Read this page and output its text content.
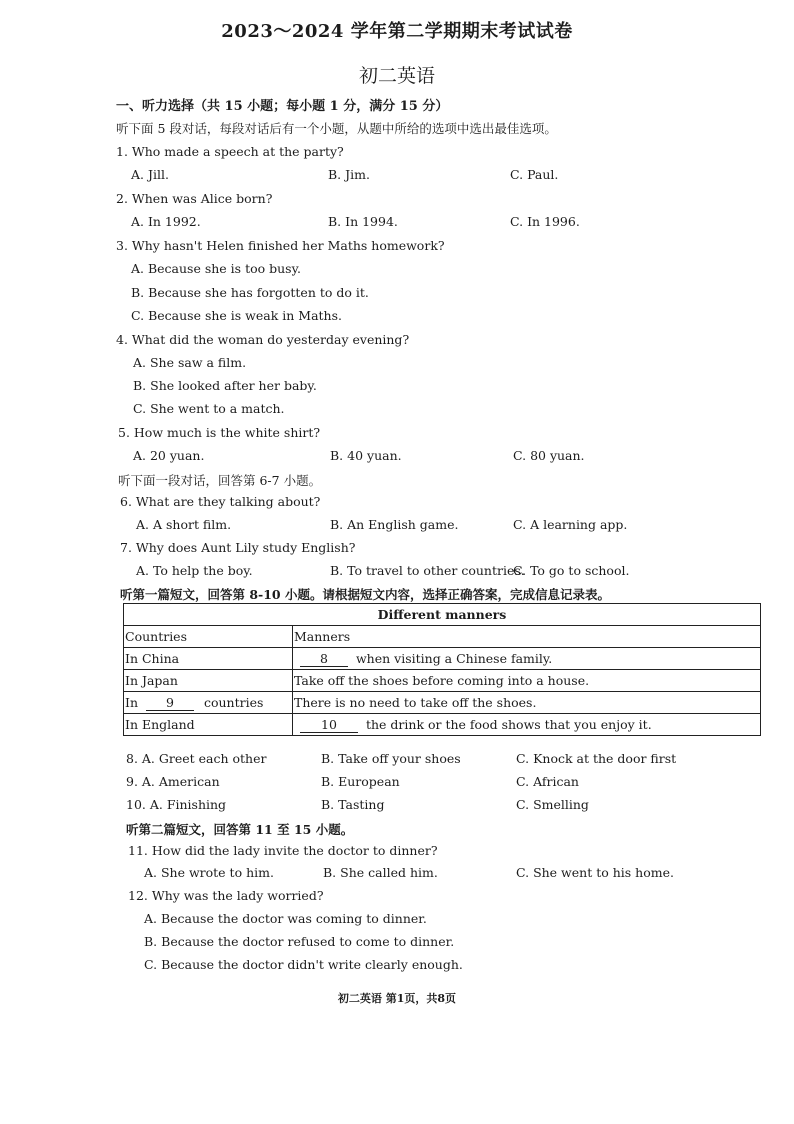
2023～2024 学年第二学期期末考试试卷
初二英语
一、听力选择（共 15 小题；每小题 1 分，满分 15 分）
听下面 5 段对话，每段对话后有一个小题，从题中所给的选项中选出最佳选项。
1. Who made a speech at the party?
A. Jill.	B. Jim.	C. Paul.
2. When was Alice born?
A. In 1992.	B. In 1994.	C. In 1996.
3. Why hasn't Helen finished her Maths homework?
A. Because she is too busy.
B. Because she has forgotten to do it.
C. Because she is weak in Maths.
4. What did the woman do yesterday evening?
A. She saw a film.
B. She looked after her baby.
C. She went to a match.
5. How much is the white shirt?
A. 20 yuan.	B. 40 yuan.	C. 80 yuan.
听下面一段对话，回答第 6-7 小题。
6. What are they talking about?
A. A short film.	B. An English game.	C. A learning app.
7. Why does Aunt Lily study English?
A. To help the boy.	B. To travel to other countries.
C. To go to school.
听第一篇短文，回答第 8-10 小题。请根据短文内容，选择正确答案，完成信息记录表。
Different manners	
Countries	Manners
In China	8 when visiting a Chinese family.
In Japan	Take off the shoes before coming into a house.
In 9 countries	There is no need to take off the shoes.
In England	10 the drink or the food shows that you enjoy it.
8. A. Greet each other	B. Take off your shoes	C. Knock at the door first
9. A. American	B. European	C. African
10. A. Finishing	B. Tasting	C. Smelling
听第二篇短文，回答第 11 至 15 小题。
11. How did the lady invite the doctor to dinner?
A. She wrote to him.	B. She called him.	C. She went to his home.
12. Why was the lady worried?
A. Because the doctor was coming to dinner.
B. Because the doctor refused to come to dinner.
C. Because the doctor didn't write clearly enough.
初二英语 第1页，共8页
